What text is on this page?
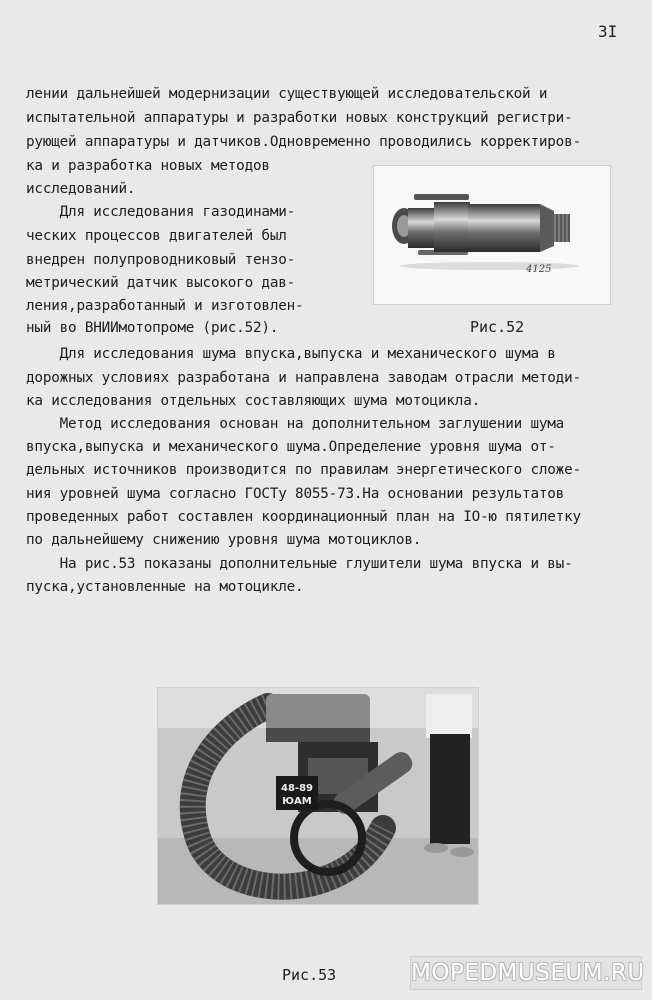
3I
лении дальнейшей модернизации существующей исследовательской и
испытательной аппаратуры и разработки новых конструкций регистри-
рующей аппаратуры и датчиков.Одновременно проводились корректиров-
ка и разработка новых методов
исследований.
Для исследования газодинами-
ческих процессов двигателей был
внедрен полупроводниковый тензо-
метрический датчик высокого дав-
ления,разработанный и изготовлен-
ный во ВНИИмотопроме (рис.52).
Для исследования шума впуска,выпуска и механического шума в
дорожных условиях разработана и направлена заводам отрасли методи-
ка исследования отдельных составляющих шума мотоцикла.
Метод исследования основан на дополнительном заглушении шума
впуска,выпуска и механического шума.Определение уровня шума от-
дельных источников производится по правилам энергетического сложе-
ния уровней шума согласно ГОСТу 8055-73.На основании результатов
проведенных работ составлен координационный план на IO-ю пятилетку
по дальнейшему снижению уровня шума мотоциклов.
На рис.53 показаны дополнительные глушители шума впуска и вы-
пуска,установленные на мотоцикле.
4125
Рис.52
48-89
ЮАМ
Рис.53	MOPEDMUSEUM.RU
